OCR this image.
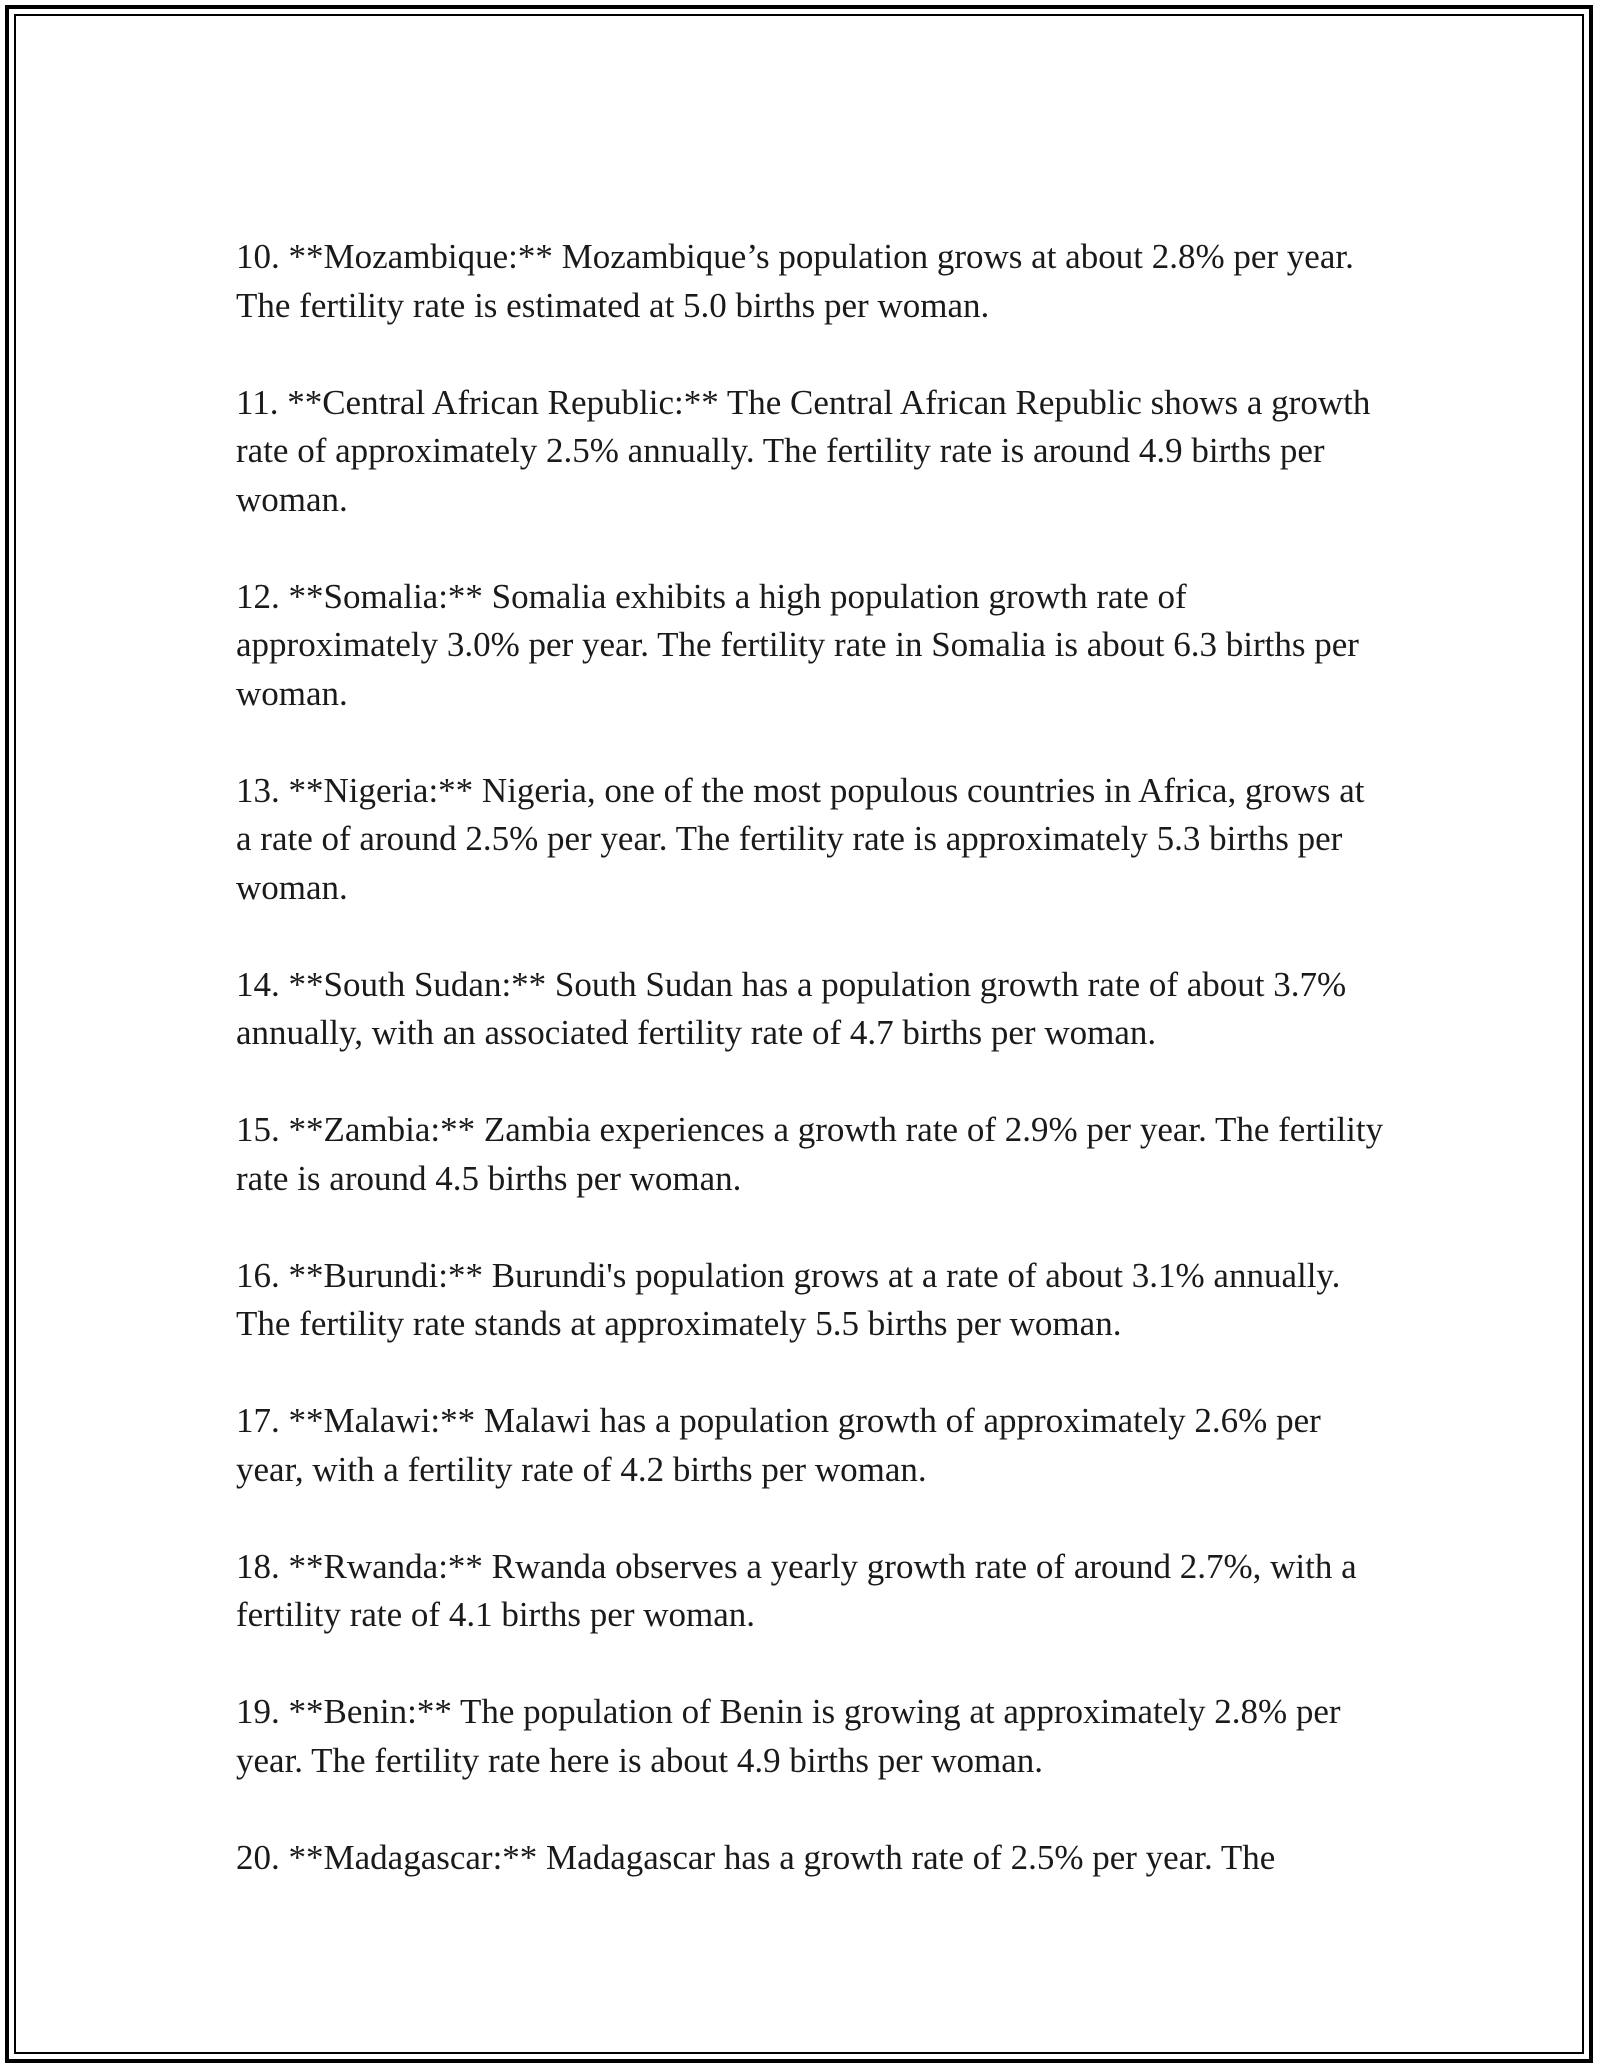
10. **Mozambique:** Mozambique’s population grows at about 2.8% per year. The fertility rate is estimated at 5.0 births per woman.

11. **Central African Republic:** The Central African Republic shows a growth rate of approximately 2.5% annually. The fertility rate is around 4.9 births per woman.

12. **Somalia:** Somalia exhibits a high population growth rate of approximately 3.0% per year. The fertility rate in Somalia is about 6.3 births per woman.

13. **Nigeria:** Nigeria, one of the most populous countries in Africa, grows at a rate of around 2.5% per year. The fertility rate is approximately 5.3 births per woman.

14. **South Sudan:** South Sudan has a population growth rate of about 3.7% annually, with an associated fertility rate of 4.7 births per woman.

15. **Zambia:** Zambia experiences a growth rate of 2.9% per year. The fertility rate is around 4.5 births per woman.

16. **Burundi:** Burundi's population grows at a rate of about 3.1% annually. The fertility rate stands at approximately 5.5 births per woman.

17. **Malawi:** Malawi has a population growth of approximately 2.6% per year, with a fertility rate of 4.2 births per woman.

18. **Rwanda:** Rwanda observes a yearly growth rate of around 2.7%, with a fertility rate of 4.1 births per woman.

19. **Benin:** The population of Benin is growing at approximately 2.8% per year. The fertility rate here is about 4.9 births per woman.

20. **Madagascar:** Madagascar has a growth rate of 2.5% per year. The
